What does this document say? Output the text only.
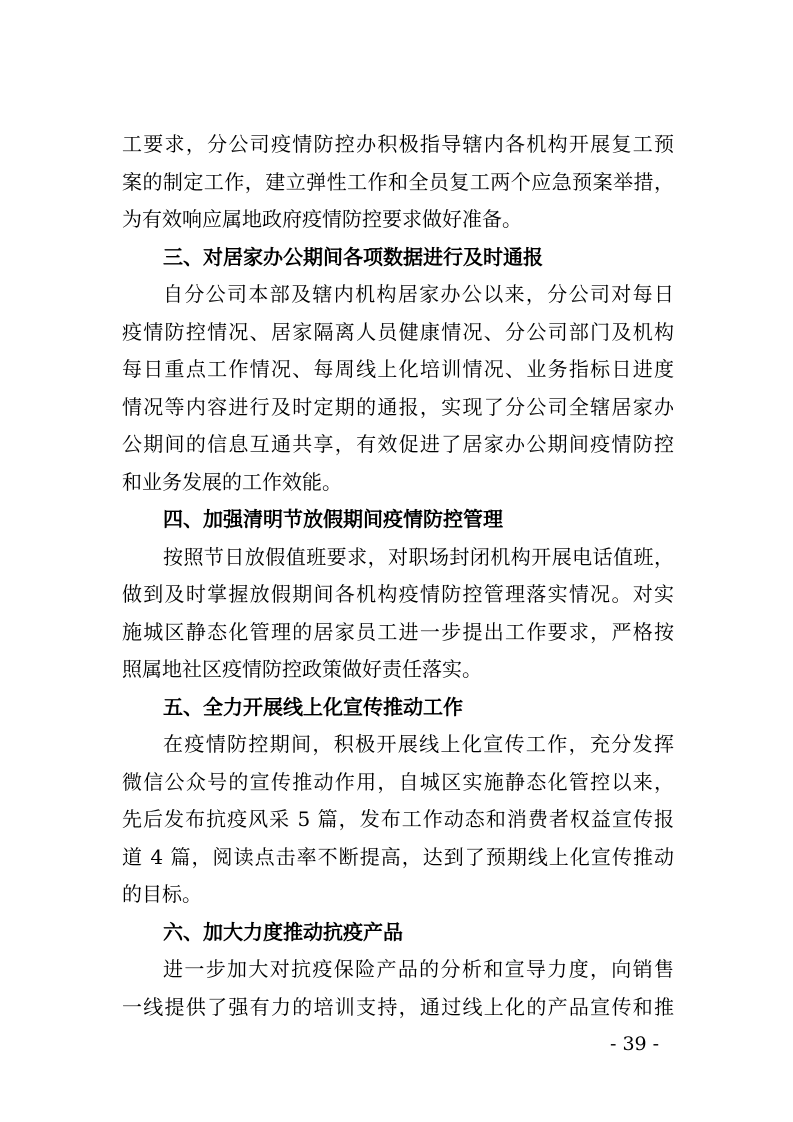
工要求，分公司疫情防控办积极指导辖内各机构开展复工预
案的制定工作，建立弹性工作和全员复工两个应急预案举措，
为有效响应属地政府疫情防控要求做好准备。
三、对居家办公期间各项数据进行及时通报
自分公司本部及辖内机构居家办公以来，分公司对每日
疫情防控情况、居家隔离人员健康情况、分公司部门及机构
每日重点工作情况、每周线上化培训情况、业务指标日进度
情况等内容进行及时定期的通报，实现了分公司全辖居家办
公期间的信息互通共享，有效促进了居家办公期间疫情防控
和业务发展的工作效能。
四、加强清明节放假期间疫情防控管理
按照节日放假值班要求，对职场封闭机构开展电话值班，
做到及时掌握放假期间各机构疫情防控管理落实情况。对实
施城区静态化管理的居家员工进一步提出工作要求，严格按
照属地社区疫情防控政策做好责任落实。
五、全力开展线上化宣传推动工作
在疫情防控期间，积极开展线上化宣传工作，充分发挥
微信公众号的宣传推动作用，自城区实施静态化管控以来，
先后发布抗疫风采 5 篇，发布工作动态和消费者权益宣传报
道 4 篇，阅读点击率不断提高，达到了预期线上化宣传推动
的目标。
六、加大力度推动抗疫产品
进一步加大对抗疫保险产品的分析和宣导力度，向销售
一线提供了强有力的培训支持，通过线上化的产品宣传和推
- 39 -
